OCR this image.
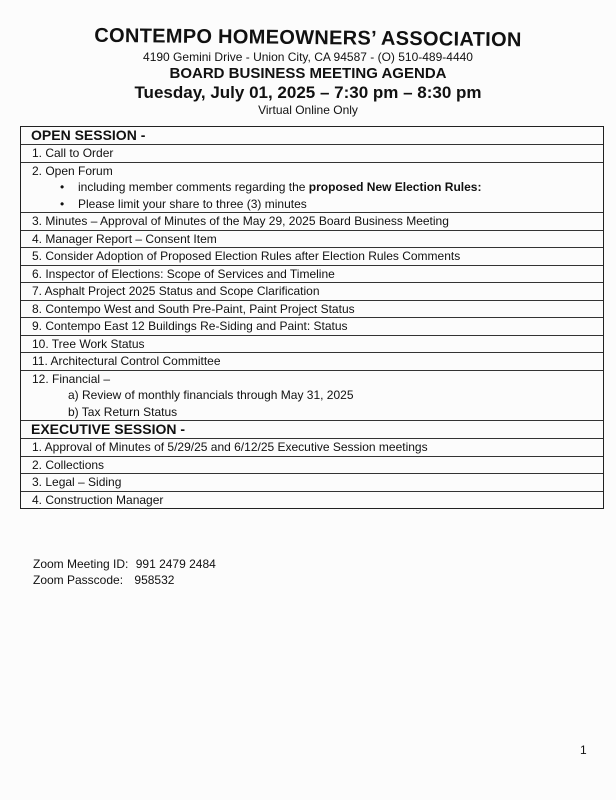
CONTEMPO HOMEOWNERS’ ASSOCIATION
4190 Gemini Drive - Union City, CA 94587 - (O) 510-489-4440
BOARD BUSINESS MEETING AGENDA
Tuesday, July 01, 2025 – 7:30 pm – 8:30 pm
Virtual Online Only
OPEN SESSION -
1. Call to Order
2. Open Forum
•	including member comments regarding the proposed New Election Rules:
•	Please limit your share to three (3) minutes
3. Minutes – Approval of Minutes of the May 29, 2025 Board Business Meeting
4. Manager Report – Consent Item
5. Consider Adoption of Proposed Election Rules after Election Rules Comments
6. Inspector of Elections: Scope of Services and Timeline
7. Asphalt Project 2025 Status and Scope Clarification
8. Contempo West and South Pre-Paint, Paint Project Status
9. Contempo East 12 Buildings Re-Siding and Paint: Status
10. Tree Work Status
11. Architectural Control Committee
12. Financial –
a) Review of monthly financials through May 31, 2025
b) Tax Return Status
EXECUTIVE SESSION -
1. Approval of Minutes of 5/29/25 and 6/12/25 Executive Session meetings
2. Collections
3. Legal – Siding
4. Construction Manager
Zoom Meeting ID: 991 2479 2484
Zoom Passcode: 958532
1
